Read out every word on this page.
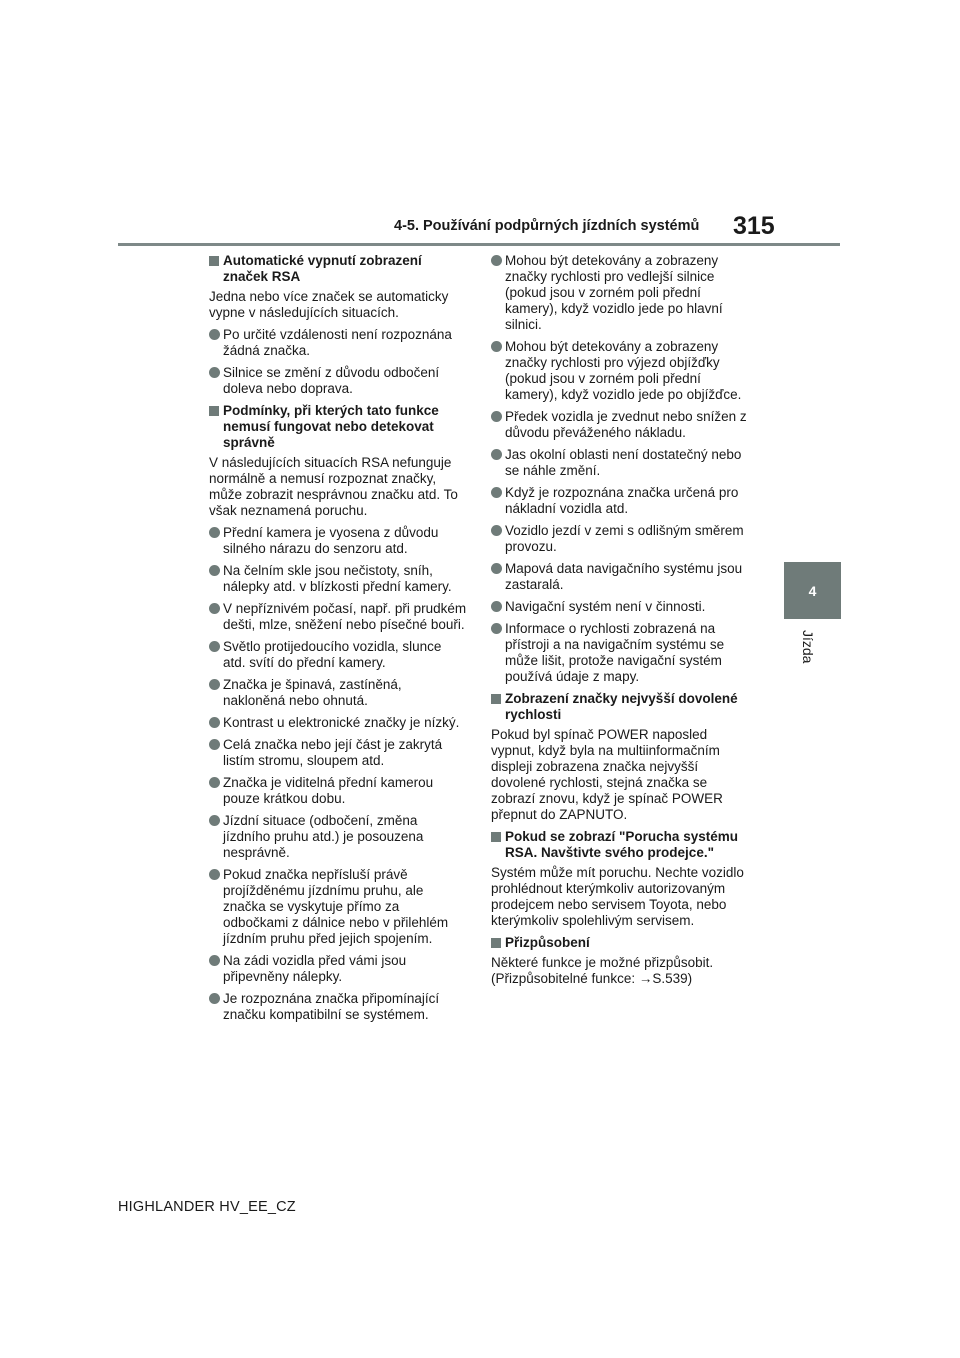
4-5. Používání podpůrných jízdních systémů 315
4
Jízda
Automatické vypnutí zobrazení značek RSA
Jedna nebo více značek se automaticky vypne v následujících situacích.
Po určité vzdálenosti není rozpoznána žádná značka.
Silnice se změní z důvodu odbočení doleva nebo doprava.
Podmínky, při kterých tato funkce nemusí fungovat nebo detekovat správně
V následujících situacích RSA nefunguje normálně a nemusí rozpoznat značky, může zobrazit nesprávnou značku atd. To však neznamená poruchu.
Přední kamera je vyosena z důvodu silného nárazu do senzoru atd.
Na čelním skle jsou nečistoty, sníh, nálepky atd. v blízkosti přední kamery.
V nepříznivém počasí, např. při prudkém dešti, mlze, sněžení nebo písečné bouři.
Světlo protijedoucího vozidla, slunce atd. svítí do přední kamery.
Značka je špinavá, zastíněná, nakloněná nebo ohnutá.
Kontrast u elektronické značky je nízký.
Celá značka nebo její část je zakrytá listím stromu, sloupem atd.
Značka je viditelná přední kamerou pouze krátkou dobu.
Jízdní situace (odbočení, změna jízdního pruhu atd.) je posouzena nesprávně.
Pokud značka nepřísluší právě projížděnému jízdnímu pruhu, ale značka se vyskytuje přímo za odbočkami z dálnice nebo v přilehlém jízdním pruhu před jejich spojením.
Na zádi vozidla před vámi jsou připevněny nálepky.
Je rozpoznána značka připomínající značku kompatibilní se systémem.
Mohou být detekovány a zobrazeny značky rychlosti pro vedlejší silnice (pokud jsou v zorném poli přední kamery), když vozidlo jede po hlavní silnici.
Mohou být detekovány a zobrazeny značky rychlosti pro výjezd objížďky (pokud jsou v zorném poli přední kamery), když vozidlo jede po objížďce.
Předek vozidla je zvednut nebo snížen z důvodu převáženého nákladu.
Jas okolní oblasti není dostatečný nebo se náhle změní.
Když je rozpoznána značka určená pro nákladní vozidla atd.
Vozidlo jezdí v zemi s odlišným směrem provozu.
Mapová data navigačního systému jsou zastaralá.
Navigační systém není v činnosti.
Informace o rychlosti zobrazená na přístroji a na navigačním systému se může lišit, protože navigační systém používá údaje z mapy.
Zobrazení značky nejvyšší dovolené rychlosti
Pokud byl spínač POWER naposled vypnut, když byla na multiinformačním displeji zobrazena značka nejvyšší dovolené rychlosti, stejná značka se zobrazí znovu, když je spínač POWER přepnut do ZAPNUTO.
Pokud se zobrazí "Porucha systému RSA. Navštivte svého prodejce."
Systém může mít poruchu. Nechte vozidlo prohlédnout kterýmkoliv autorizovaným prodejcem nebo servisem Toyota, nebo kterýmkoliv spolehlivým servisem.
Přizpůsobení
Některé funkce je možné přizpůsobit. (Přizpůsobitelné funkce: →S.539)
HIGHLANDER HV_EE_CZ
